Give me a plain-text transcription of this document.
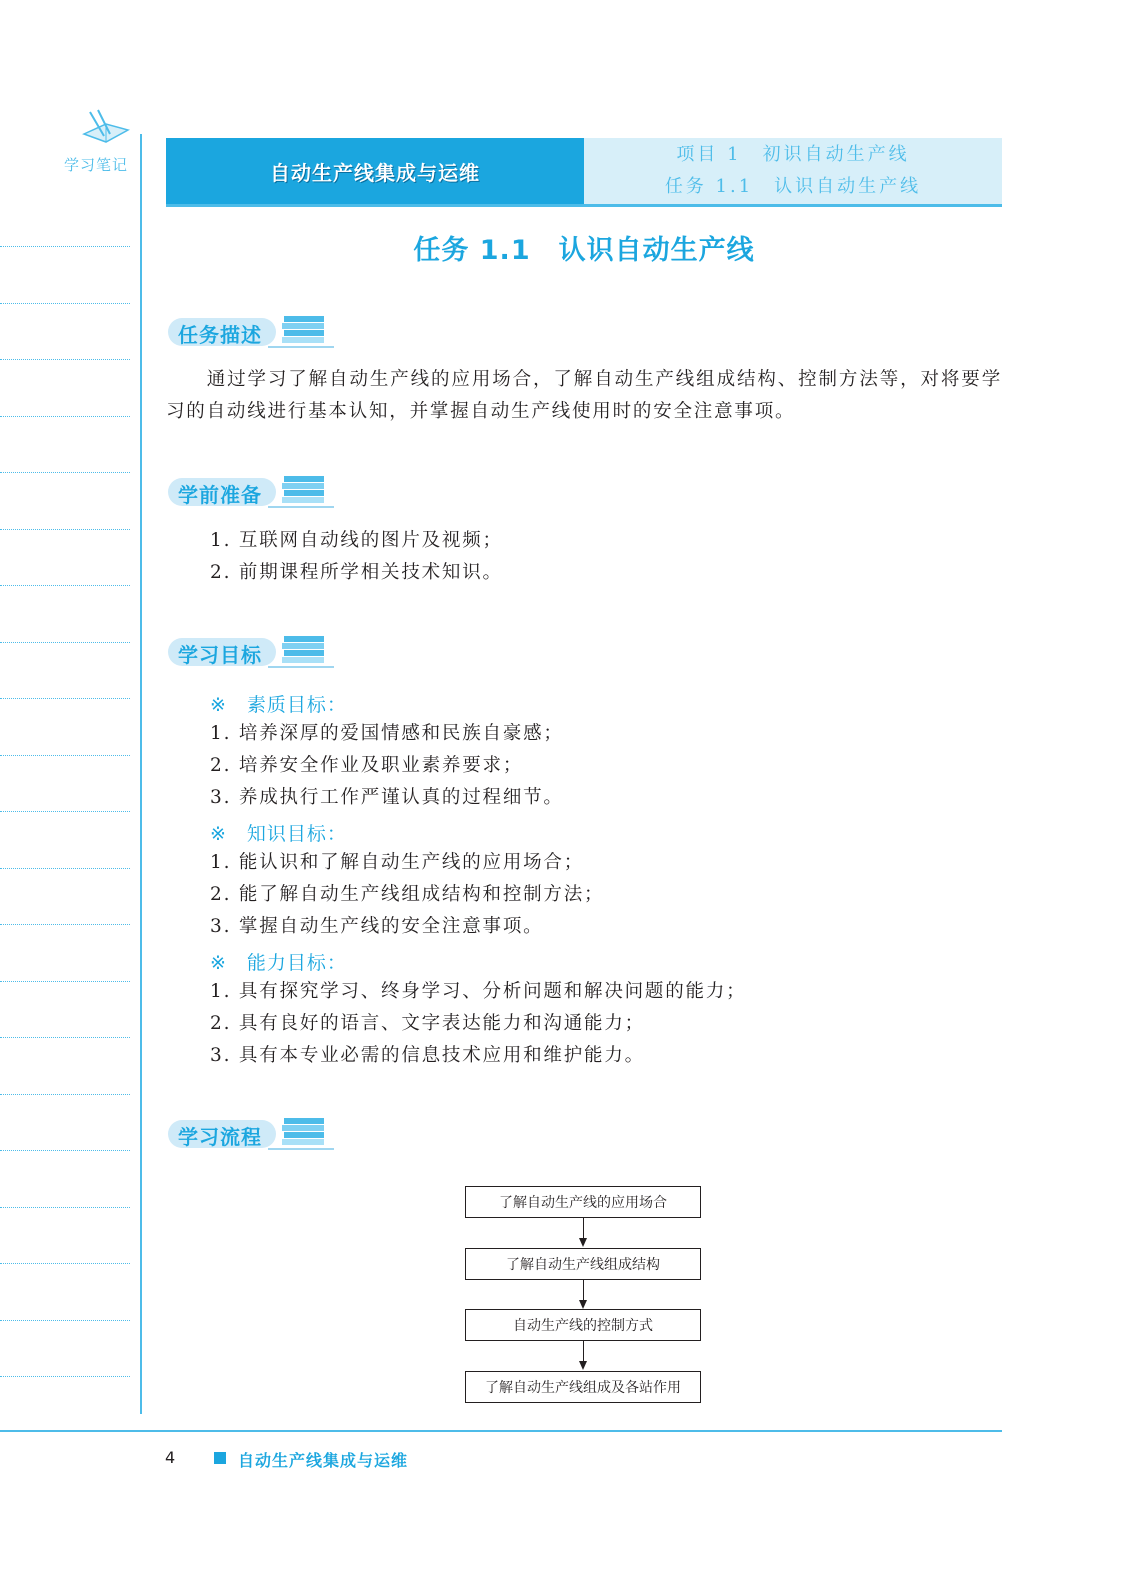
学习笔记	自动生产线集成与运维
项目 1　初识自动生产线
任务 1.1　认识自动生产线
任务 1.1 认识自动生产线
任务描述
通过学习了解自动生产线的应用场合，了解自动生产线组成结构、控制方法等，对将要学习的自动线进行基本认知，并掌握自动生产线使用时的安全注意事项。
学前准备
1. 互联网自动线的图片及视频；
2. 前期课程所学相关技术知识。
学习目标
※　素质目标：
1. 培养深厚的爱国情感和民族自豪感；
2. 培养安全作业及职业素养要求；
3. 养成执行工作严谨认真的过程细节。
※　知识目标：
1. 能认识和了解自动生产线的应用场合；
2. 能了解自动生产线组成结构和控制方法；
3. 掌握自动生产线的安全注意事项。
※　能力目标：
1. 具有探究学习、终身学习、分析问题和解决问题的能力；
2. 具有良好的语言、文字表达能力和沟通能力；
3. 具有本专业必需的信息技术应用和维护能力。
学习流程
了解自动生产线的应用场合
了解自动生产线组成结构
自动生产线的控制方式
了解自动生产线组成及各站作用
4	自动生产线集成与运维
